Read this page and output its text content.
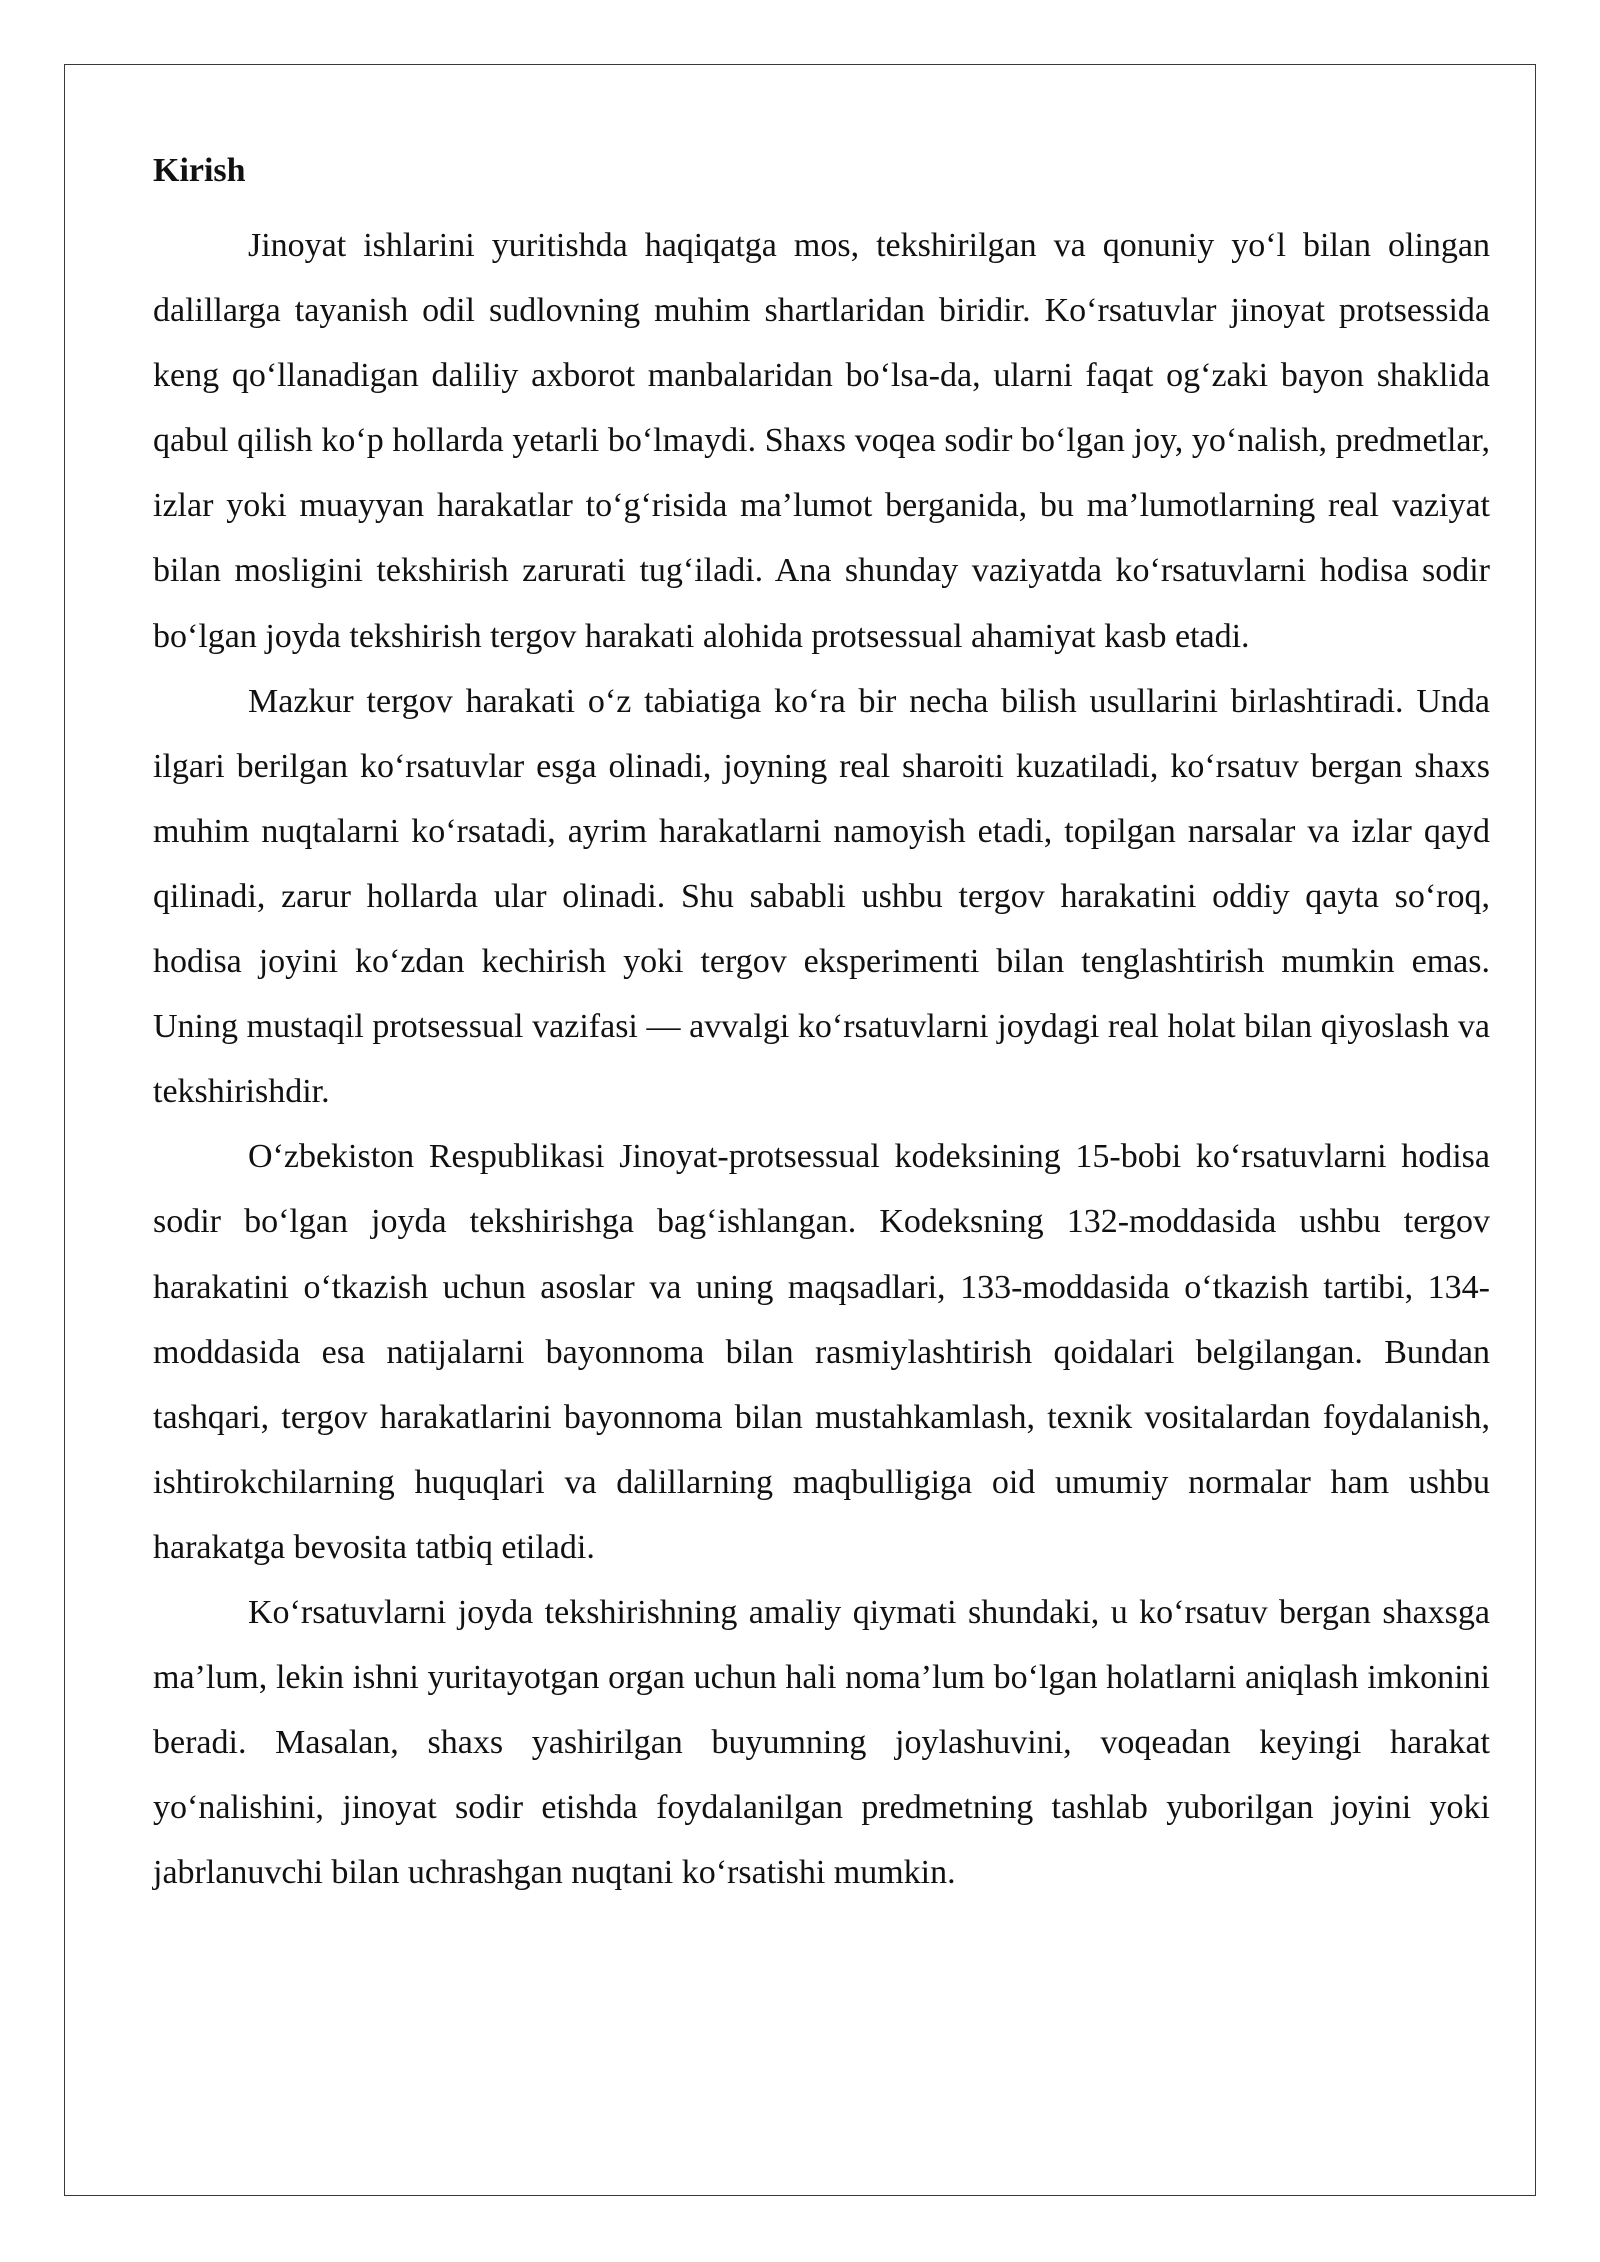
Kirish

Jinoyat ishlarini yuritishda haqiqatga mos, tekshirilgan va qonuniy yo‘l bilan olingan dalillarga tayanish odil sudlovning muhim shartlaridan biridir. Ko‘rsatuvlar jinoyat protsessida keng qo‘llanadigan daliliy axborot manbalaridan bo‘lsa-da, ularni faqat og‘zaki bayon shaklida qabul qilish ko‘p hollarda yetarli bo‘lmaydi. Shaxs voqea sodir bo‘lgan joy, yo‘nalish, predmetlar, izlar yoki muayyan harakatlar to‘g‘risida ma’lumot berganida, bu ma’lumotlarning real vaziyat bilan mosligini tekshirish zarurati tug‘iladi. Ana shunday vaziyatda ko‘rsatuvlarni hodisa sodir bo‘lgan joyda tekshirish tergov harakati alohida protsessual ahamiyat kasb etadi.

Mazkur tergov harakati o‘z tabiatiga ko‘ra bir necha bilish usullarini birlashtiradi. Unda ilgari berilgan ko‘rsatuvlar esga olinadi, joyning real sharoiti kuzatiladi, ko‘rsatuv bergan shaxs muhim nuqtalarni ko‘rsatadi, ayrim harakatlarni namoyish etadi, topilgan narsalar va izlar qayd qilinadi, zarur hollarda ular olinadi. Shu sababli ushbu tergov harakatini oddiy qayta so‘roq, hodisa joyini ko‘zdan kechirish yoki tergov eksperimenti bilan tenglashtirish mumkin emas. Uning mustaqil protsessual vazifasi — avvalgi ko‘rsatuvlarni joydagi real holat bilan qiyoslash va tekshirishdir.

O‘zbekiston Respublikasi Jinoyat-protsessual kodeksining 15-bobi ko‘rsatuvlarni hodisa sodir bo‘lgan joyda tekshirishga bag‘ishlangan. Kodeksning 132-moddasida ushbu tergov harakatini o‘tkazish uchun asoslar va uning maqsadlari, 133-moddasida o‘tkazish tartibi, 134-moddasida esa natijalarni bayonnoma bilan rasmiylashtirish qoidalari belgilangan. Bundan tashqari, tergov harakatlarini bayonnoma bilan mustahkamlash, texnik vositalardan foydalanish, ishtirokchilarning huquqlari va dalillarning maqbulligiga oid umumiy normalar ham ushbu harakatga bevosita tatbiq etiladi.

Ko‘rsatuvlarni joyda tekshirishning amaliy qiymati shundaki, u ko‘rsatuv bergan shaxsga ma’lum, lekin ishni yuritayotgan organ uchun hali noma’lum bo‘lgan holatlarni aniqlash imkonini beradi. Masalan, shaxs yashirilgan buyumning joylashuvini, voqeadan keyingi harakat yo‘nalishini, jinoyat sodir etishda foydalanilgan predmetning tashlab yuborilgan joyini yoki jabrlanuvchi bilan uchrashgan nuqtani ko‘rsatishi mumkin.
